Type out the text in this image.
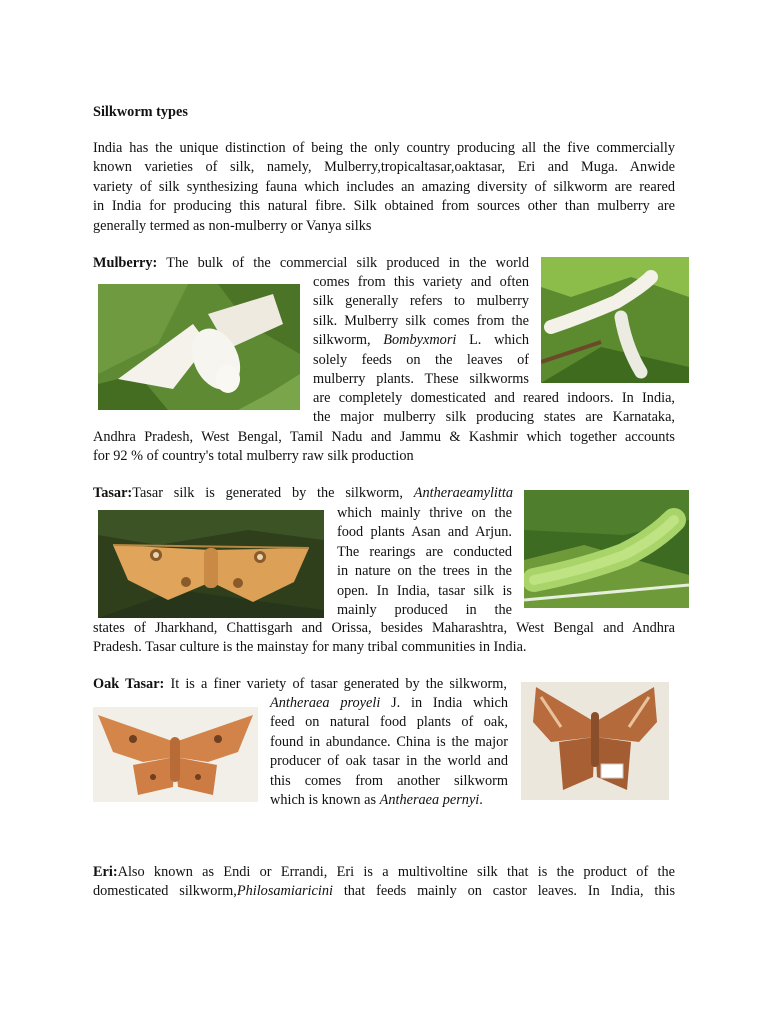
Silkworm types

India has the unique distinction of being the only country producing all the five commercially
known varieties of silk, namely, Mulberry,tropicaltasar,oaktasar, Eri and Muga. Anwide
variety of silk synthesizing fauna which includes an amazing diversity of silkworm are reared
in India for producing this natural fibre. Silk obtained from sources other than mulberry are
generally termed as non-mulberry or Vanya silks
Mulberry: The bulk of the commercial silk produced in the world
comes from this variety and often
silk generally refers to mulberry
silk. Mulberry silk comes from the
silkworm, Bombyxmori L. which
solely feeds on the leaves of
mulberry plants. These silkworms
are completely domesticated and reared indoors. In India,
the major mulberry silk producing states are Karnataka,
Andhra Pradesh, West Bengal, Tamil Nadu and Jammu & Kashmir which together accounts
for 92 % of country's total mulberry raw silk production
Tasar:Tasar silk is generated by the silkworm, Antheraeamylitta
which mainly thrive on the
food plants Asan and Arjun.
The rearings are conducted
in nature on the trees in the
open. In India, tasar silk is
mainly produced in the
states of Jharkhand, Chattisgarh and Orissa, besides Maharashtra, West Bengal and Andhra
Pradesh. Tasar culture is the mainstay for many tribal communities in India.
Oak Tasar: It is a finer variety of tasar generated by the silkworm,
Antheraea proyeli J. in India which
feed on natural food plants of oak,
found in abundance. China is the major
producer of oak tasar in the world and
this comes from another silkworm
which is known as Antheraea pernyi.
Eri:Also known as Endi or Errandi, Eri is a multivoltine silk that is the product of the
domesticated silkworm,Philosamiaricini that feeds mainly on castor leaves. In India, this
